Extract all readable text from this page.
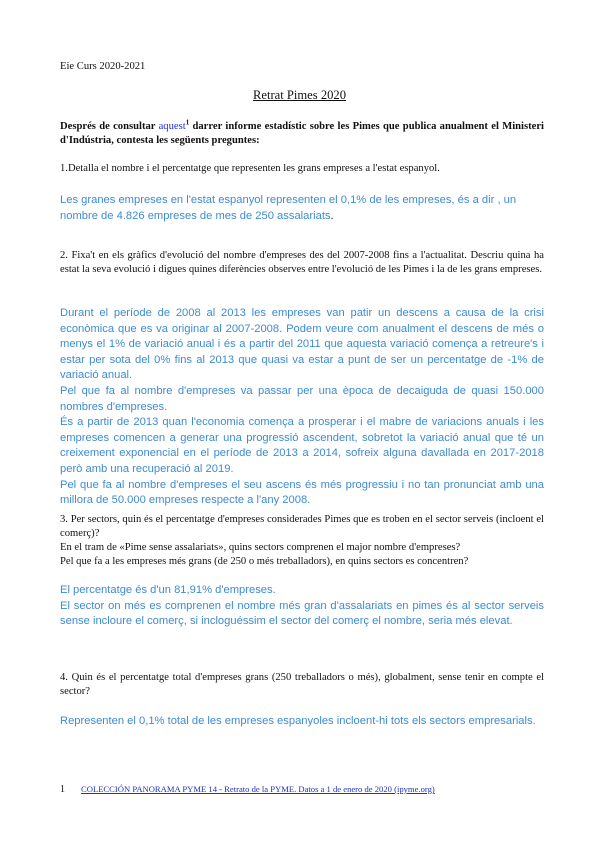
Eie Curs 2020-2021
Retrat Pimes 2020
Després de consultar aquest$^1$ darrer informe estadístic sobre les Pimes que publica anualment el Ministeri d'Indústria, contesta les següents preguntes:
1.Detalla el nombre i el percentatge que representen les grans empreses a l'estat espanyol.
Les granes empreses en l'estat espanyol representen el 0,1% de les empreses, és a dir , un nombre de 4.826 empreses de mes de 250 assalariats.
2. Fixa't en els gràfics d'evolució del nombre d'empreses des del 2007-2008 fins a l'actualitat. Descriu quina ha estat la seva evolució i digues quines diferències observes entre l'evolució de les Pimes i la de les grans empreses.
Durant el període de 2008 al 2013 les empreses van patir un descens a causa de la crisi econòmica que es va originar al 2007-2008. Podem veure com anualment el descens de més o menys el 1% de variació anual i és a partir del 2011 que aquesta variació comença a retreure's i estar per sota del 0% fins al 2013 que quasi va estar a punt de ser un percentatge de -1% de variació anual.
Pel que fa al nombre d'empreses va passar per una època de decaiguda de quasi 150.000 nombres d'empreses.
És a partir de 2013 quan l'economia comença a prosperar i el mabre de variacions anuals i les empreses comencen a generar una progressió ascendent, sobretot la variació anual que té un creixement exponencial en el període de 2013 a 2014, sofreix alguna davallada en 2017-2018 però amb una recuperació al 2019.
Pel que fa al nombre d'empreses el seu ascens és més progressiu i no tan pronunciat amb una millora de 50.000 empreses respecte a l'any 2008.
3. Per sectors, quin és el percentatge d'empreses considerades Pimes que es troben en el sector serveis (incloent el comerç)?
En el tram de «Pime sense assalariats», quins sectors comprenen el major nombre d'empreses?
Pel que fa a les empreses més grans (de 250 o més treballadors), en quins sectors es concentren?
El percentatge és d'un 81,91% d'empreses.
El sector on més es comprenen el nombre més gran d'assalariats en pimes és al sector serveis sense incloure el comerç, si incloguéssim el sector del comerç el nombre, seria més elevat.
4. Quin és el percentatge total d'empreses grans (250 treballadors o més), globalment, sense tenir en compte el sector?
Representen el 0,1% total de les empreses espanyoles incloent-hi tots els sectors empresarials.
1 COLECCIÓN PANORAMA PYME 14 - Retrato de la PYME. Datos a 1 de enero de 2020 (ipyme.org)
